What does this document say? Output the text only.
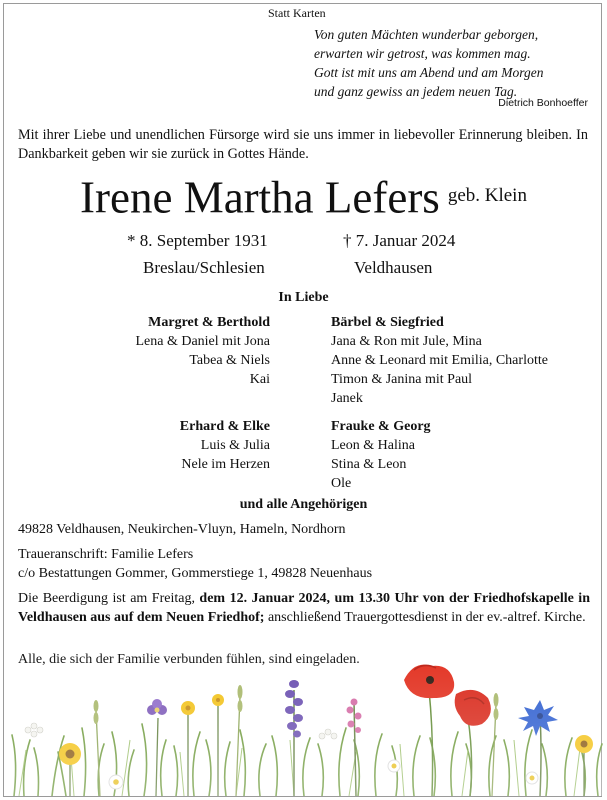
Statt Karten
Von guten Mächten wunderbar geborgen,
erwarten wir getrost, was kommen mag.
Gott ist mit uns am Abend und am Morgen
und ganz gewiss an jedem neuen Tag.
Dietrich Bonhoeffer
Mit ihrer Liebe und unendlichen Fürsorge wird sie uns immer in liebevoller Erinnerung bleiben. In Dankbarkeit geben wir sie zurück in Gottes Hände.
Irene Martha Lefers $^{geb. Klein}$
* 8. September 1931	† 7. Januar 2024
Breslau/Schlesien	Veldhausen
In Liebe
Margret & Berthold
Lena & Daniel mit Jona
Tabea & Niels
Kai
Bärbel & Siegfried
Jana & Ron mit Jule, Mina
Anne & Leonard mit Emilia, Charlotte
Timon & Janina mit Paul
Janek
Erhard & Elke
Luis & Julia
Nele im Herzen
Frauke & Georg
Leon & Halina
Stina & Leon
Ole
und alle Angehörigen
49828 Veldhausen, Neukirchen-Vluyn, Hameln, Nordhorn
Traueranschrift: Familie Lefers
c/o Bestattungen Gommer, Gommerstiege 1, 49828 Neuenhaus
Die Beerdigung ist am Freitag, dem 12. Januar 2024, um 13.30 Uhr von der Friedhofskapelle in Veldhausen aus auf dem Neuen Friedhof; anschließend Trauergottesdienst in der ev.-altref. Kirche.
